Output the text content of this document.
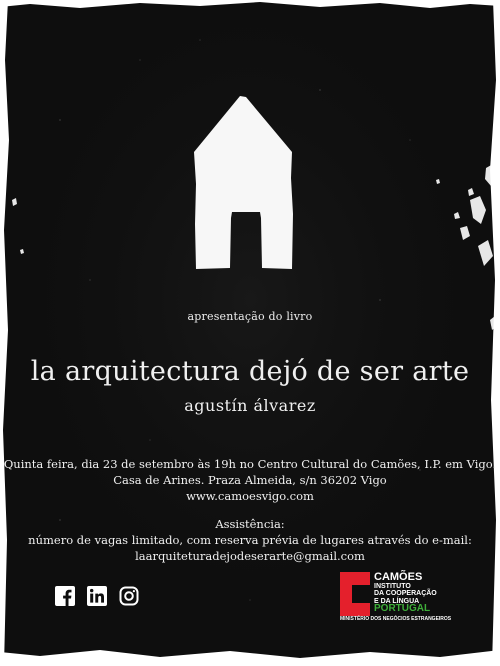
apresentação do livro
la arquitectura dejó de ser arte
agustín álvarez
Quinta feira, dia 23 de setembro às 19h no Centro Cultural do Camões, I.P. em Vigo.
Casa de Arines. Praza Almeida, s/n 36202 Vigo
www.camoesvigo.com
Assistência:
número de vagas limitado, com reserva prévia de lugares através do e-mail:
laarquiteturadejodeserarte@gmail.com
CAMÕES
INSTITUTO
DA COOPERAÇÃO
E DA LÍNGUA
PORTUGAL
MINISTÉRIO DOS NEGÓCIOS ESTRANGEIROS
